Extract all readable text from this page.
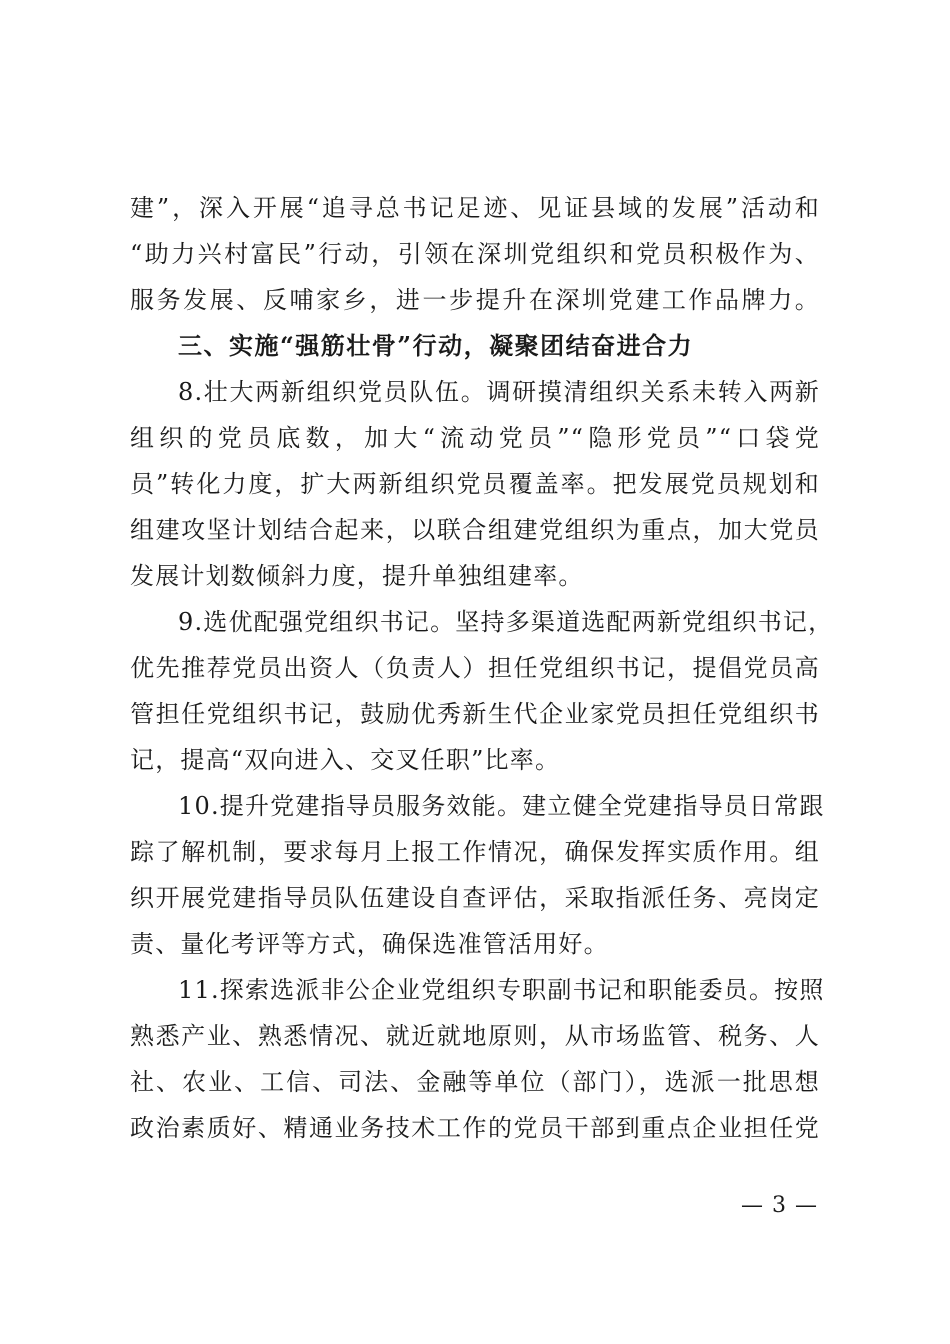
建”，深入开展“追寻总书记足迹、见证县域的发展”活动和
“助力兴村富民”行动，引领在深圳党组织和党员积极作为、
服务发展、反哺家乡，进一步提升在深圳党建工作品牌力。
三、实施“强筋壮骨”行动，凝聚团结奋进合力
8.壮大两新组织党员队伍。调研摸清组织关系未转入两新
组织的党员底数，加大“流动党员”“隐形党员”“口袋党
员”转化力度，扩大两新组织党员覆盖率。把发展党员规划和
组建攻坚计划结合起来，以联合组建党组织为重点，加大党员
发展计划数倾斜力度，提升单独组建率。
9.选优配强党组织书记。坚持多渠道选配两新党组织书记，
优先推荐党员出资人（负责人）担任党组织书记，提倡党员高
管担任党组织书记，鼓励优秀新生代企业家党员担任党组织书
记，提高“双向进入、交叉任职”比率。
10.提升党建指导员服务效能。建立健全党建指导员日常跟
踪了解机制，要求每月上报工作情况，确保发挥实质作用。组
织开展党建指导员队伍建设自查评估，采取指派任务、亮岗定
责、量化考评等方式，确保选准管活用好。
11.探索选派非公企业党组织专职副书记和职能委员。按照
熟悉产业、熟悉情况、就近就地原则，从市场监管、税务、人
社、农业、工信、司法、金融等单位（部门），选派一批思想
政治素质好、精通业务技术工作的党员干部到重点企业担任党
— 3 —
